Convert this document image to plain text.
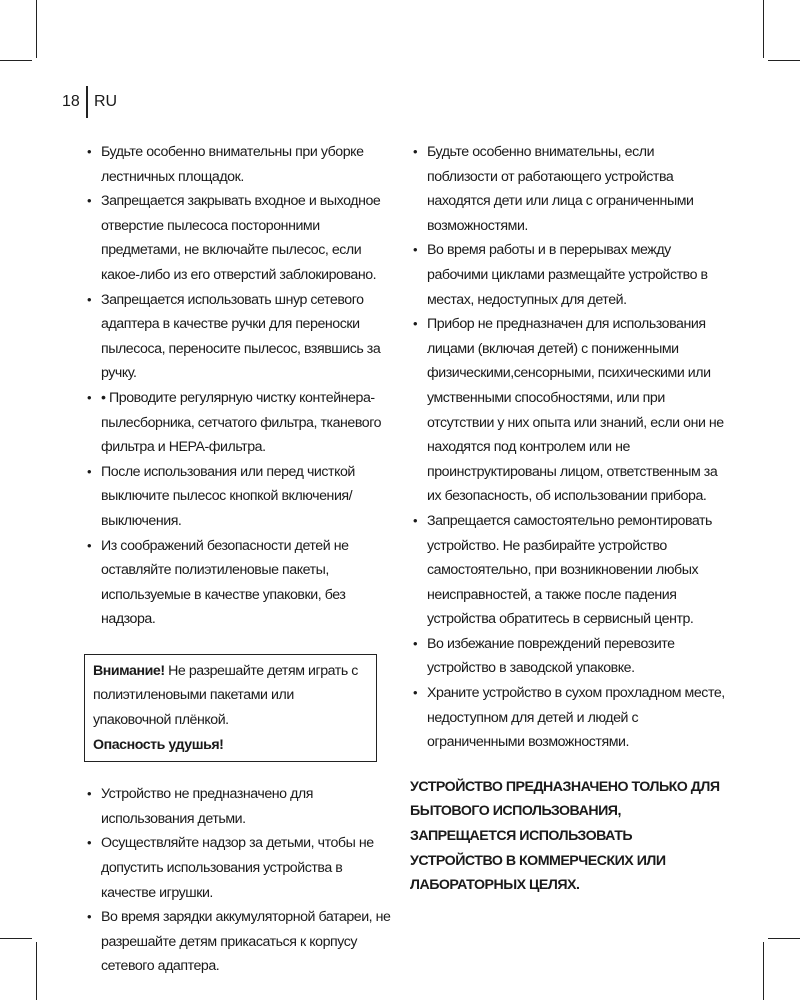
18 RU
• Будьте особенно внимательны при уборке лестничных площадок.
• Запрещается закрывать входное и выходное отверстие пылесоса посторонними предметами, не включайте пылесос, если какое-либо из его отверстий заблокировано.
• Запрещается использовать шнур сетевого адаптера в качестве ручки для переноски пылесоса, переносите пылесос, взявшись за ручку.
• • Проводите регулярную чистку контейнера-пылесборника, сетчатого фильтра, тканевого фильтра и HEPA-фильтра.
• После использования или перед чисткой выключите пылесос кнопкой включения/выключения.
• Из соображений безопасности детей не оставляйте полиэтиленовые пакеты, используемые в качестве упаковки, без надзора.
Внимание! Не разрешайте детям играть с полиэтиленовыми пакетами или упаковочной плёнкой.
Опасность удушья!
• Устройство не предназначено для использования детьми.
• Осуществляйте надзор за детьми, чтобы не допустить использования устройства в качестве игрушки.
• Во время зарядки аккумуляторной батареи, не разрешайте детям прикасаться к корпусу сетевого адаптера.
• Будьте особенно внимательны, если поблизости от работающего устройства находятся дети или лица с ограниченными возможностями.
• Во время работы и в перерывах между рабочими циклами размещайте устройство в местах, недоступных для детей.
• Прибор не предназначен для использования лицами (включая детей) с пониженными физическими,сенсорными, психическими или умственными способностями, или при отсутствии у них опыта или знаний, если они не находятся под контролем или не проинструктированы лицом, ответственным за их безопасность, об использовании прибора.
• Запрещается самостоятельно ремонтировать устройство. Не разбирайте устройство самостоятельно, при возникновении любых неисправностей, а также после падения устройства обратитесь в сервисный центр.
• Во избежание повреждений перевозите устройство в заводской упаковке.
• Храните устройство в сухом прохладном месте, недоступном для детей и людей с ограниченными возможностями.
УСТРОЙСТВО ПРЕДНАЗНАЧЕНО ТОЛЬКО ДЛЯ БЫТОВОГО ИСПОЛЬЗОВАНИЯ, ЗАПРЕЩАЕТСЯ ИСПОЛЬЗОВАТЬ УСТРОЙСТВО В КОММЕРЧЕСКИХ ИЛИ ЛАБОРАТОРНЫХ ЦЕЛЯХ.
